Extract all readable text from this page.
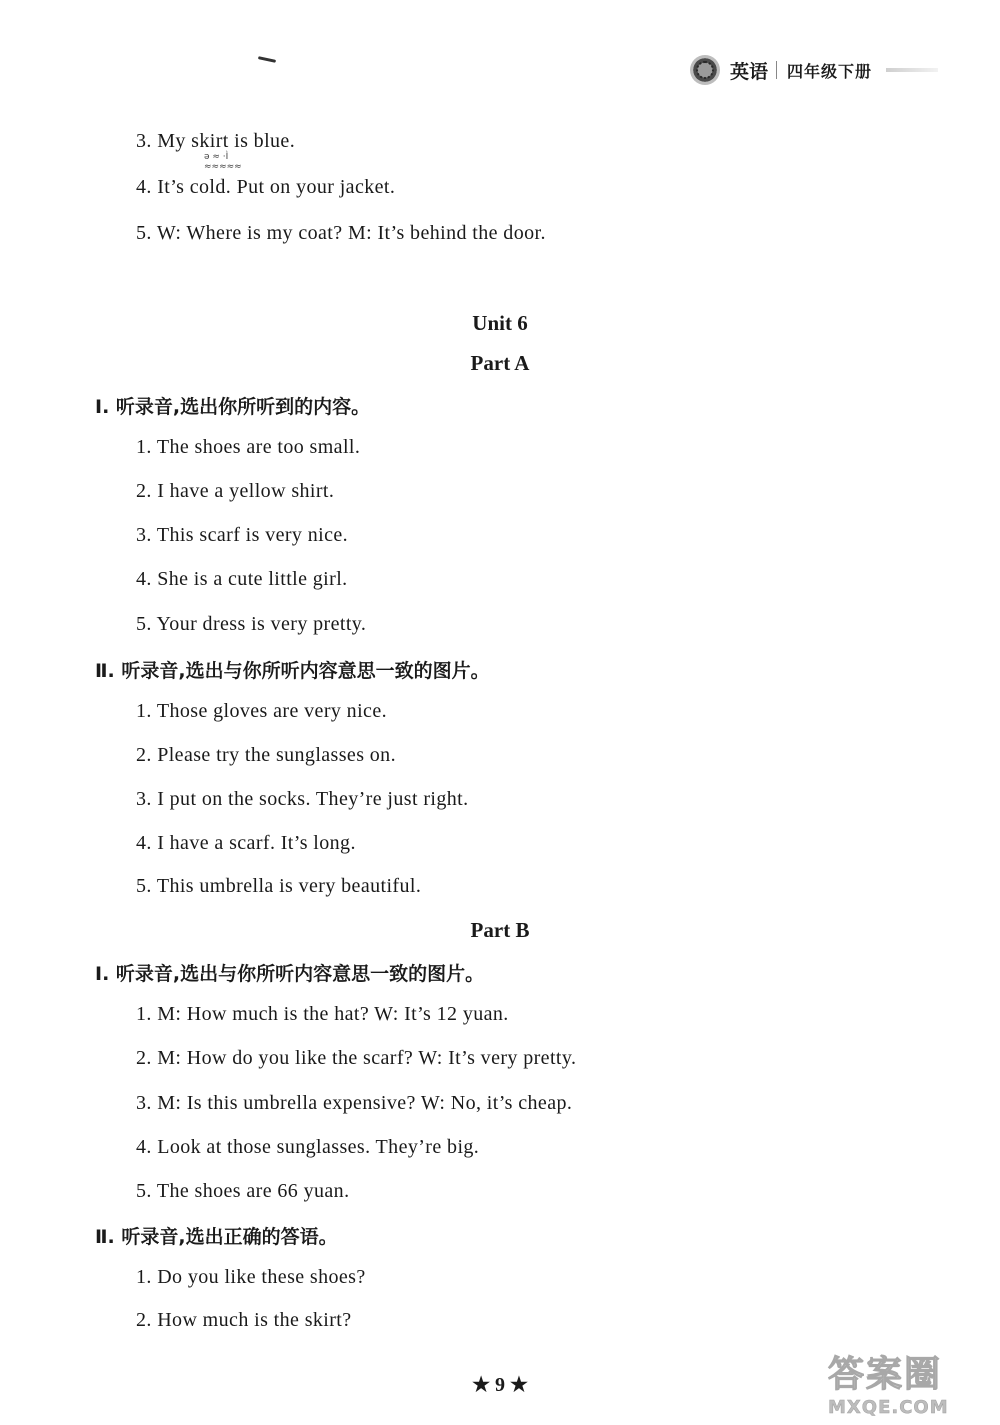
英语 四年级下册
3. My skirt is blue.
ǝ ≈ ·Ì
≈≈≈≈≈
4. It’s cold. Put on your jacket.
5. W: Where is my coat? M: It’s behind the door.
Unit 6
Part A
Ⅰ. 听录音,选出你所听到的内容。
1. The shoes are too small.
2. I have a yellow shirt.
3. This scarf is very nice.
4. She is a cute little girl.
5. Your dress is very pretty.
Ⅱ. 听录音,选出与你所听内容意思一致的图片。
1. Those gloves are very nice.
2. Please try the sunglasses on.
3. I put on the socks. They’re just right.
4. I have a scarf. It’s long.
5. This umbrella is very beautiful.
Part B
Ⅰ. 听录音,选出与你所听内容意思一致的图片。
1. M: How much is the hat? W: It’s 12 yuan.
2. M: How do you like the scarf? W: It’s very pretty.
3. M: Is this umbrella expensive? W: No, it’s cheap.
4. Look at those sunglasses. They’re big.
5. The shoes are 66 yuan.
Ⅱ. 听录音,选出正确的答语。
1. Do you like these shoes?
2. How much is the skirt?
★ 9 ★	答案圈
MXQE.COM
